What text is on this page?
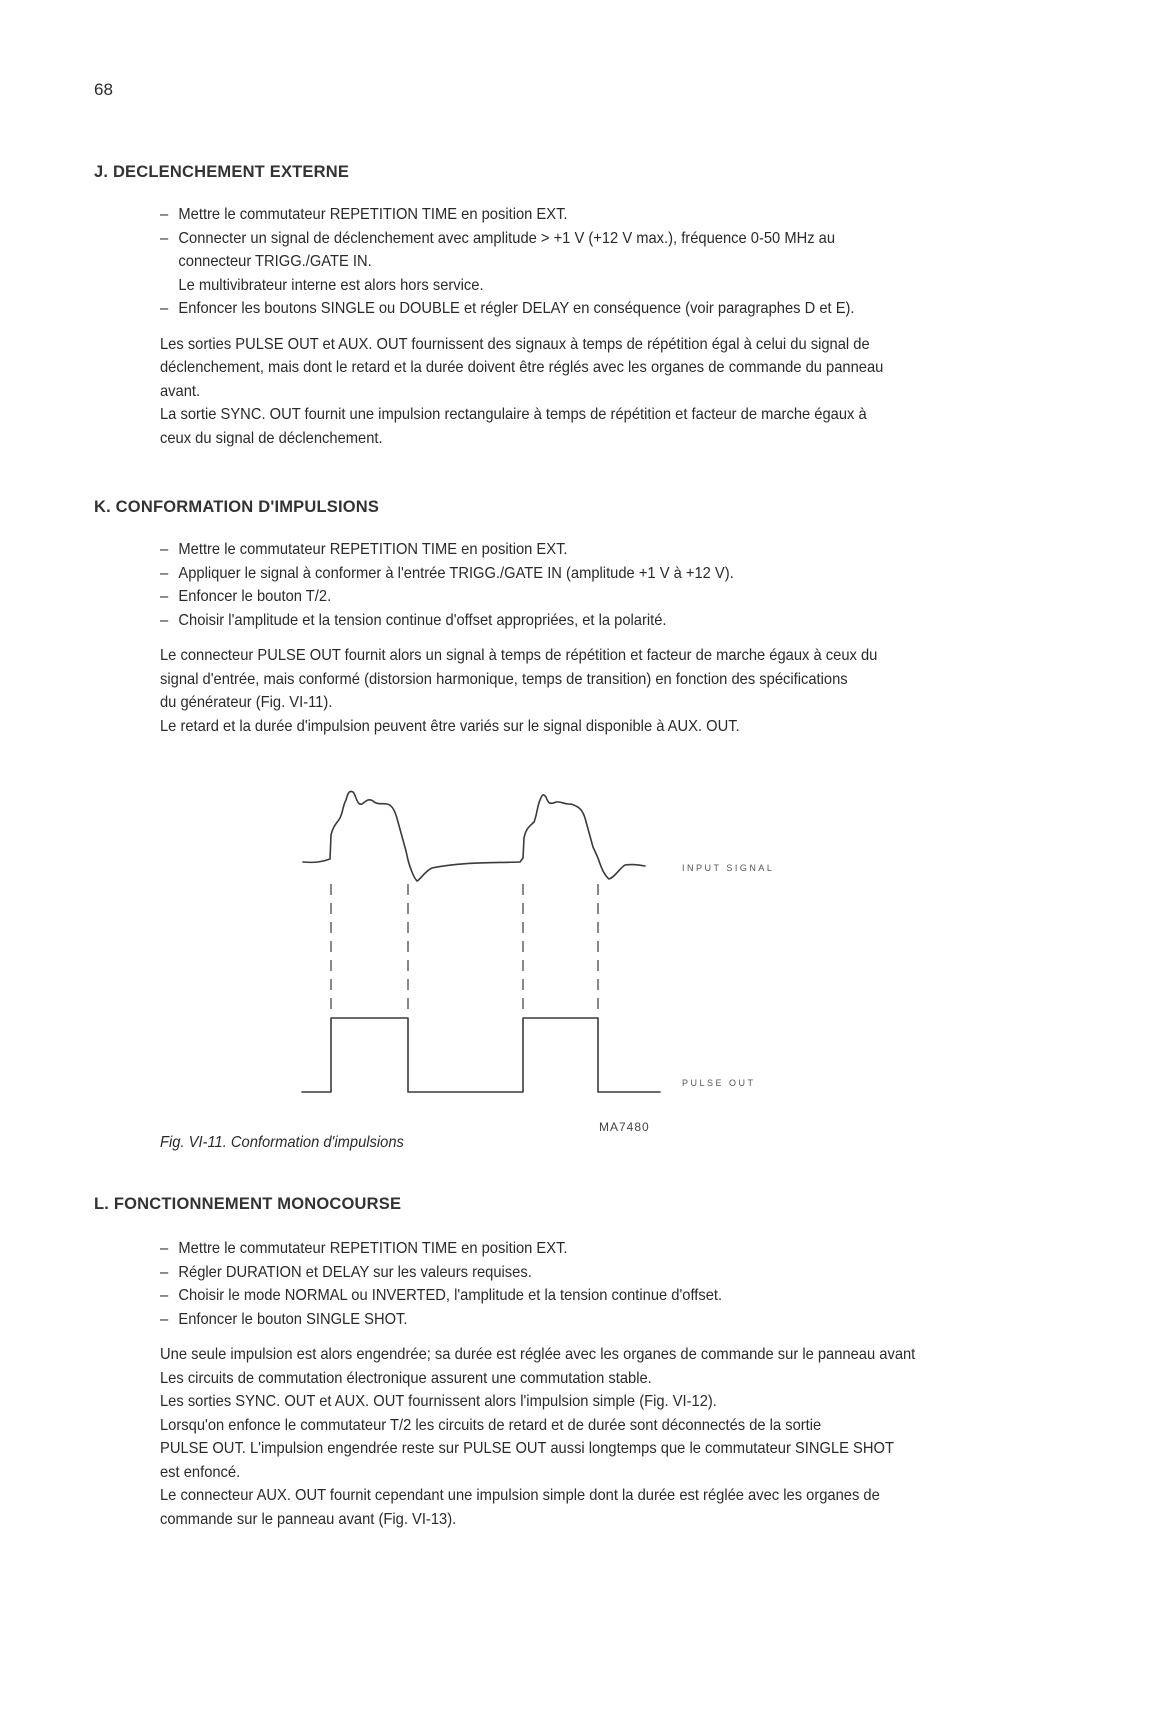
68
J. DECLENCHEMENT EXTERNE

– Mettre le commutateur REPETITION TIME en position EXT.

– Connecter un signal de déclenchement avec amplitude > +1 V (+12 V max.), fréquence 0-50 MHz au

connecteur TRIGG./GATE IN.

Le multivibrateur interne est alors hors service.

– Enfoncer les boutons SINGLE ou DOUBLE et régler DELAY en conséquence (voir paragraphes D et E).

Les sorties PULSE OUT et AUX. OUT fournissent des signaux à temps de répétition égal à celui du signal de

déclenchement, mais dont le retard et la durée doivent être réglés avec les organes de commande du panneau

avant.

La sortie SYNC. OUT fournit une impulsion rectangulaire à temps de répétition et facteur de marche égaux à

ceux du signal de déclenchement.

K. CONFORMATION D'IMPULSIONS

– Mettre le commutateur REPETITION TIME en position EXT.

– Appliquer le signal à conformer à l'entrée TRIGG./GATE IN (amplitude +1 V à +12 V).

– Enfoncer le bouton T/2.

– Choisir l'amplitude et la tension continue d'offset appropriées, et la polarité.

Le connecteur PULSE OUT fournit alors un signal à temps de répétition et facteur de marche égaux à ceux du

signal d'entrée, mais conformé (distorsion harmonique, temps de transition) en fonction des spécifications

du générateur (Fig. VI-11).

Le retard et la durée d'impulsion peuvent être variés sur le signal disponible à AUX. OUT.

INPUT SIGNAL
PULSE OUT
MA7480
Fig. VI-11. Conformation d'impulsions
L. FONCTIONNEMENT MONOCOURSE

– Mettre le commutateur REPETITION TIME en position EXT.

– Régler DURATION et DELAY sur les valeurs requises.

– Choisir le mode NORMAL ou INVERTED, l'amplitude et la tension continue d'offset.

– Enfoncer le bouton SINGLE SHOT.

Une seule impulsion est alors engendrée; sa durée est réglée avec les organes de commande sur le panneau avant

Les circuits de commutation électronique assurent une commutation stable.

Les sorties SYNC. OUT et AUX. OUT fournissent alors l'impulsion simple (Fig. VI-12).

Lorsqu'on enfonce le commutateur T/2 les circuits de retard et de durée sont déconnectés de la sortie

PULSE OUT. L'impulsion engendrée reste sur PULSE OUT aussi longtemps que le commutateur SINGLE SHOT

est enfoncé.

Le connecteur AUX. OUT fournit cependant une impulsion simple dont la durée est réglée avec les organes de

commande sur le panneau avant (Fig. VI-13).
